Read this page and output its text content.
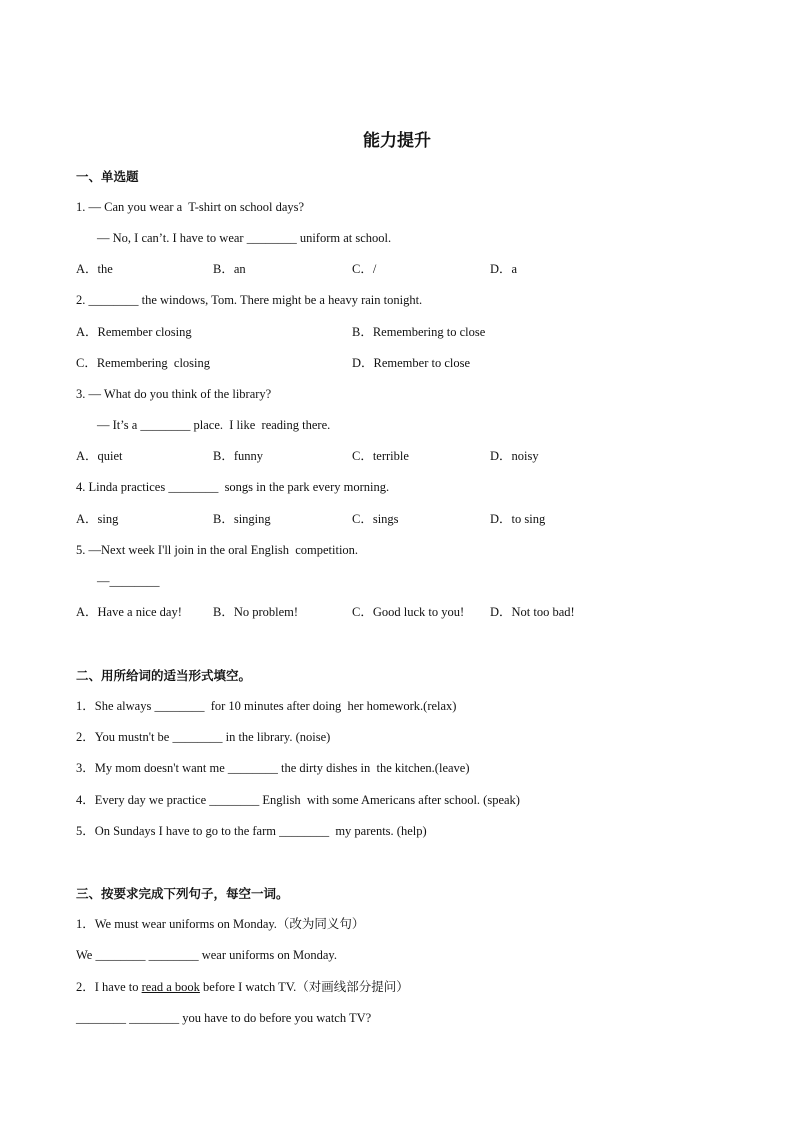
能力提升
一、单选题
1. — Can you wear a  T-shirt on school days?
— No, I can’t. I have to wear ________ uniform at school.
A．the	B．an	C．/	D．a
2. ________ the windows, Tom. There might be a heavy rain tonight.
A．Remember closing	B．Remembering to close
C．Remembering  closing	D．Remember to close
3. — What do you think of the library?
— It’s a ________ place.  I like  reading there.
A．quiet	B．funny	C．terrible	D．noisy
4. Linda practices ________  songs in the park every morning.
A．sing	B．singing	C．sings	D．to sing
5. —Next week I'll join in the oral English  competition.
—________
A．Have a nice day! B．No problem!	C．Good luck to you! D．Not too bad!
二、用所给词的适当形式填空。
1．She always ________  for 10 minutes after doing  her homework.(relax)
2．You mustn't be ________ in the library. (noise)
3．My mom doesn't want me ________ the dirty dishes in  the kitchen.(leave)
4．Every day we practice ________ English  with some Americans after school. (speak)
5．On Sundays I have to go to the farm ________  my parents. (help)
三、按要求完成下列句子，每空一词。
1．We must wear uniforms on Monday.（改为同义句）
We ________ ________ wear uniforms on Monday.
2．I have to read a book before I watch TV.（对画线部分提问）
________ ________ you have to do before you watch TV?
